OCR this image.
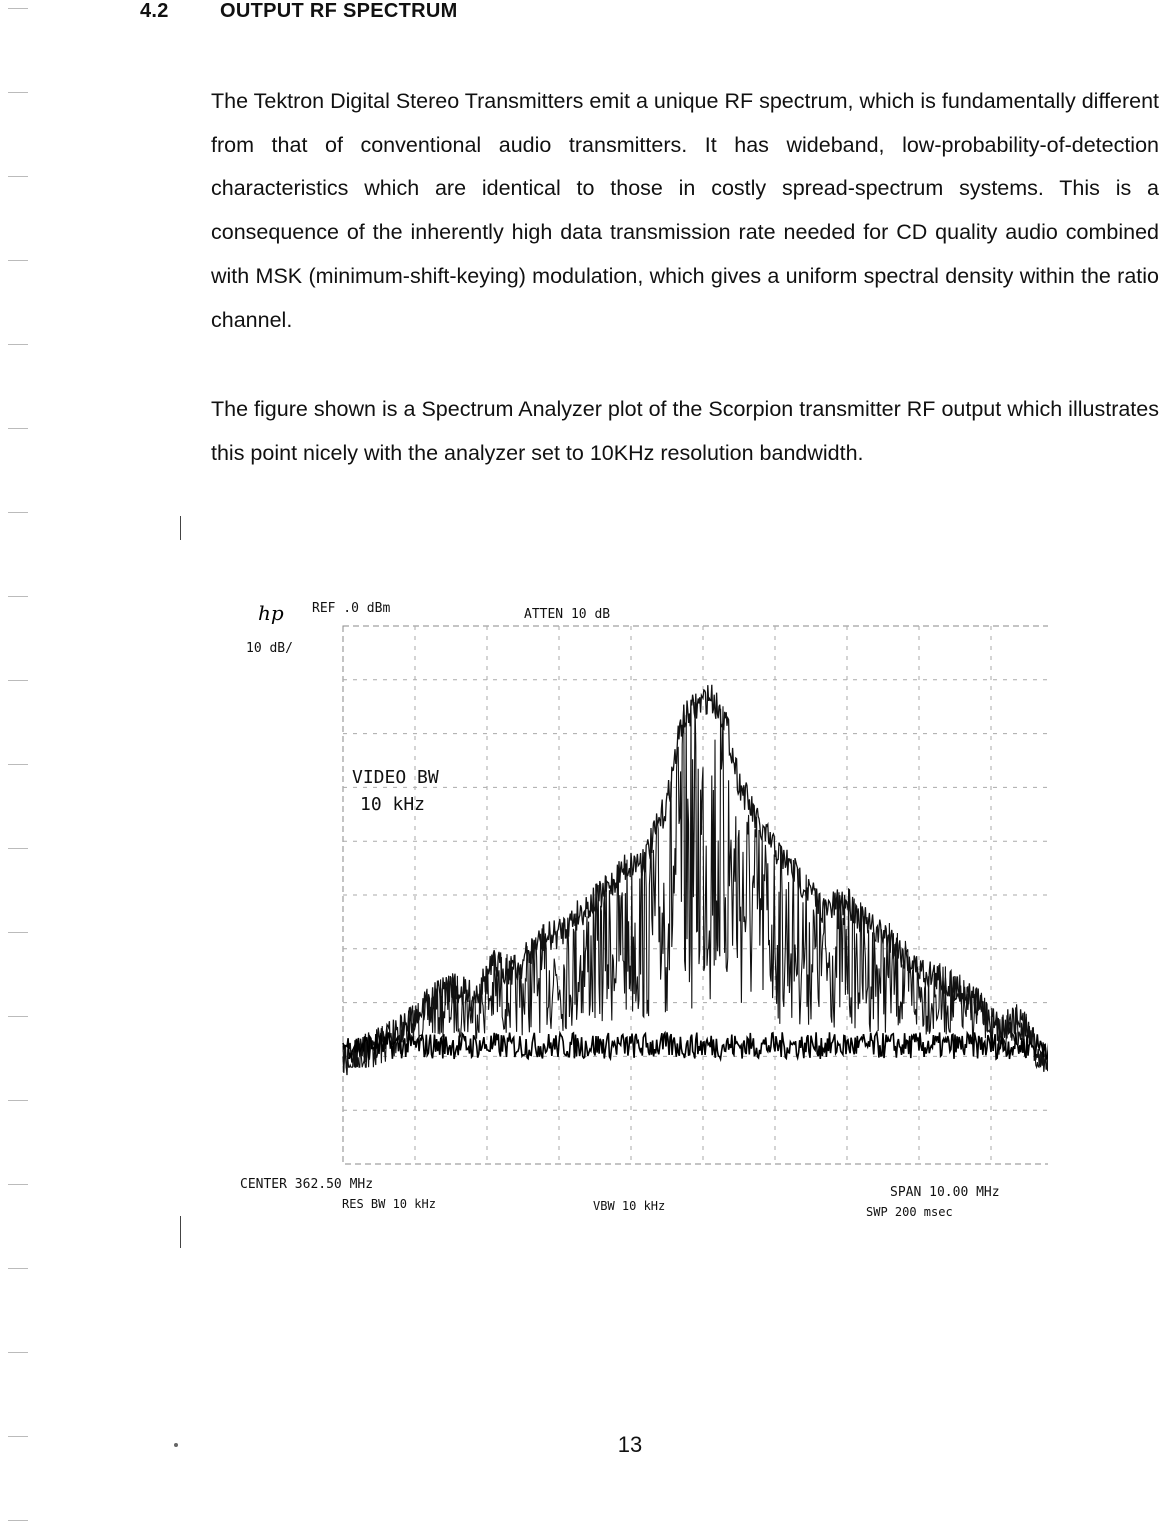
4.2	OUTPUT RF SPECTRUM

The Tektron Digital Stereo Transmitters emit a unique RF spectrum, which is fundamentally different from that of conventional audio transmitters. It has wideband, low-probability-of-detection characteristics which are identical to those in costly spread-spectrum systems. This is a consequence of the inherently high data transmission rate needed for CD quality audio combined with MSK (minimum-shift-keying) modulation, which gives a uniform spectral density within the ratio channel.

The figure shown is a Spectrum Analyzer plot of the Scorpion transmitter RF output which illustrates this point nicely with the analyzer set to 10KHz resolution bandwidth.

hp REF .0 dBm	ATTEN 10 dB
10 dB/
VIDEO BW
10 kHz
CENTER 362.50 MHz
RES BW 10 kHz	VBW 10 kHz
SPAN 10.00 MHz
SWP 200 msec
13
